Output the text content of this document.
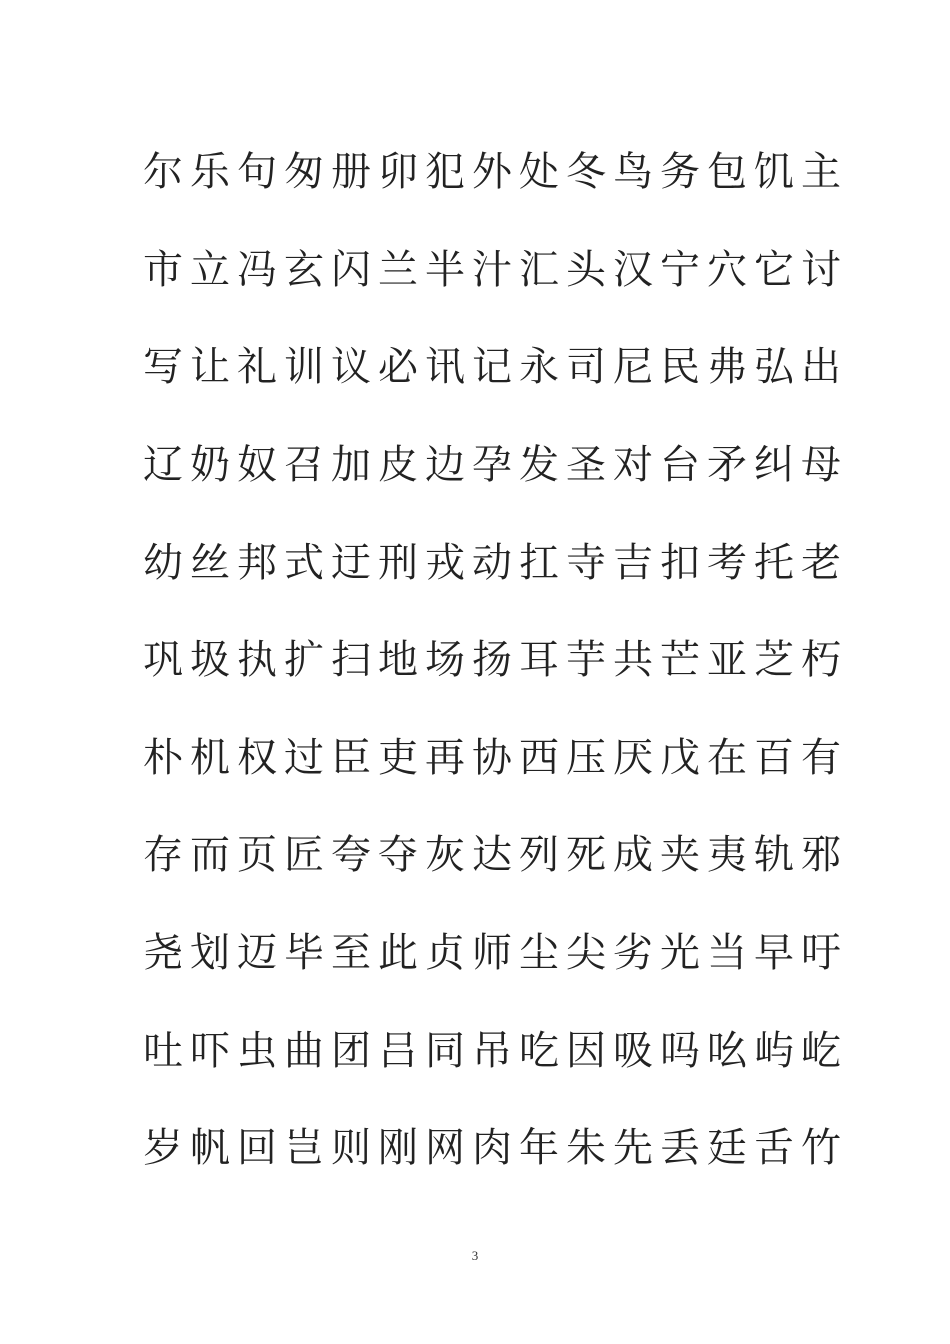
尔乐句匆册卯犯外处冬鸟务包饥主
市立冯玄闪兰半汁汇头汉宁穴它讨
写让礼训议必讯记永司尼民弗弘出
辽奶奴召加皮边孕发圣对台矛纠母
幼丝邦式迂刑戎动扛寺吉扣考托老
巩圾执扩扫地场扬耳芋共芒亚芝朽
朴机权过臣吏再协西压厌戊在百有
存而页匠夸夺灰达列死成夹夷轨邪
尧划迈毕至此贞师尘尖劣光当早吁
吐吓虫曲团吕同吊吃因吸吗吆屿屹
岁帆回岂则刚网肉年朱先丢廷舌竹
3
